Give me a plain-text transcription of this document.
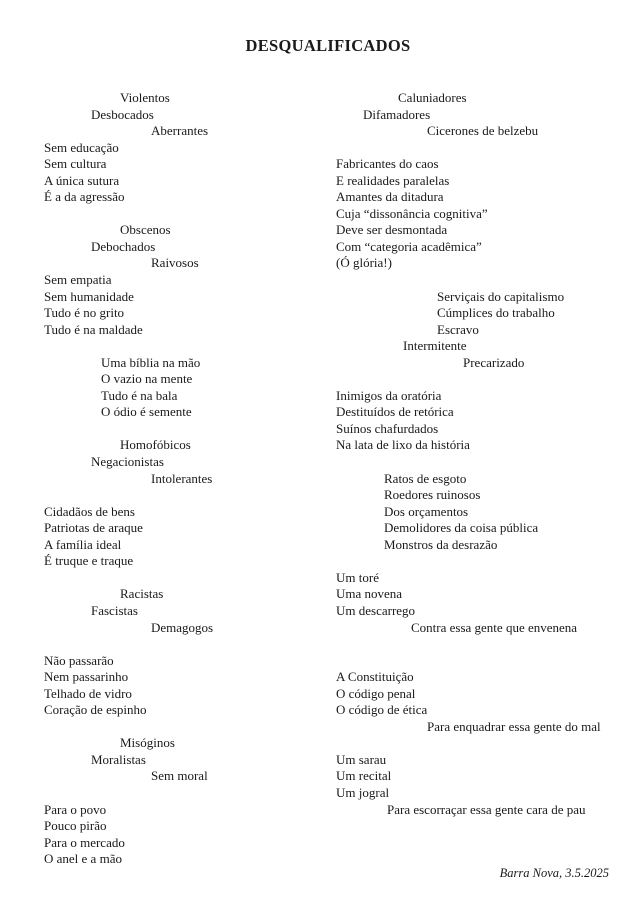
DESQUALIFICADOS
Violentos
Desbocados
Aberrantes
Sem educação
Sem cultura
A única sutura
É a da agressão
Obscenos
Debochados
Raivosos
Sem empatia
Sem humanidade
Tudo é no grito
Tudo é na maldade
Uma bíblia na mão
O vazio na mente
Tudo é na bala
O ódio é semente
Homofóbicos
Negacionistas
Intolerantes
Cidadãos de bens
Patriotas de araque
A família ideal
É truque e traque
Racistas
Fascistas
Demagogos
Não passarão
Nem passarinho
Telhado de vidro
Coração de espinho
Misóginos
Moralistas
Sem moral
Para o povo
Pouco pirão
Para o mercado
O anel e a mão
Caluniadores
Difamadores
Cicerones de belzebu
Fabricantes do caos
E realidades paralelas
Amantes da ditadura
Cuja “dissonância cognitiva”
Deve ser desmontada
Com “categoria acadêmica”
(Ó glória!)
Serviçais do capitalismo
Cúmplices do trabalho
Escravo
Intermitente
Precarizado
Inimigos da oratória
Destituídos de retórica
Suínos chafurdados
Na lata de lixo da história
Ratos de esgoto
Roedores ruinosos
Dos orçamentos
Demolidores da coisa pública
Monstros da desrazão
Um toré
Uma novena
Um descarrego
Contra essa gente que envenena
A Constituição
O código penal
O código de ética
Para enquadrar essa gente do mal
Um sarau
Um recital
Um jogral
Para escorraçar essa gente cara de pau
Barra Nova, 3.5.2025
